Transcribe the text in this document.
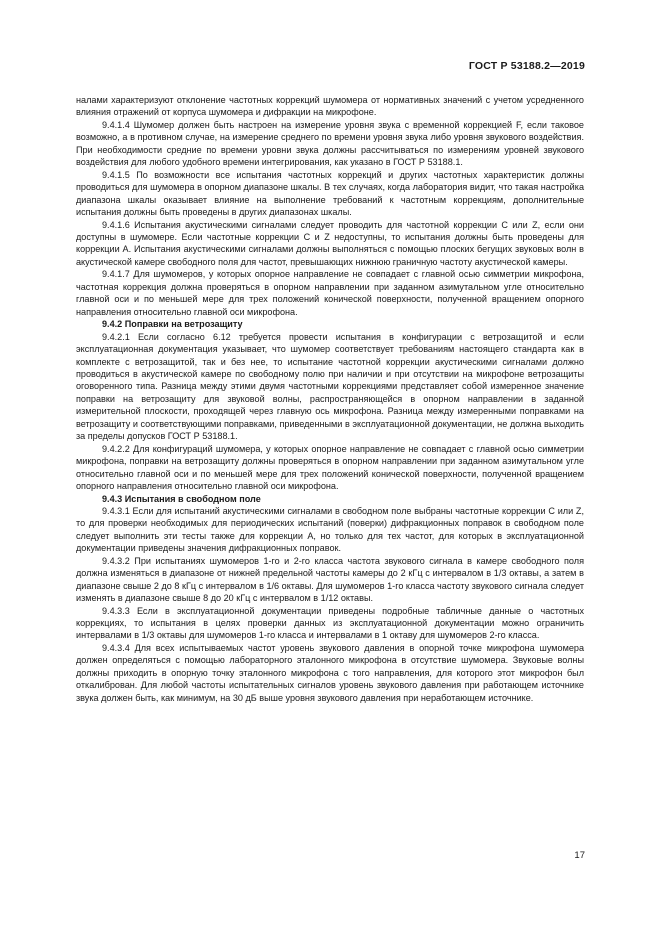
ГОСТ Р 53188.2—2019

налами характеризуют отклонение частотных коррекций шумомера от нормативных значений с учетом усредненного влияния отражений от корпуса шумомера и дифракции на микрофоне.

9.4.1.4 Шумомер должен быть настроен на измерение уровня звука с временной коррекцией F, если таковое возможно, а в противном случае, на измерение среднего по времени уровня звука либо уровня звукового воздействия. При необходимости средние по времени уровни звука должны рассчитываться по измерениям уровней звукового воздействия для любого удобного времени интегрирования, как указано в ГОСТ Р 53188.1.

9.4.1.5 По возможности все испытания частотных коррекций и других частотных характеристик должны проводиться для шумомера в опорном диапазоне шкалы. В тех случаях, когда лаборатория видит, что такая настройка диапазона шкалы оказывает влияние на выполнение требований к частотным коррекциям, дополнительные испытания должны быть проведены в других диапазонах шкалы.

9.4.1.6 Испытания акустическими сигналами следует проводить для частотной коррекции С или Z, если они доступны в шумомере. Если частотные коррекции С и Z недоступны, то испытания должны быть проведены для коррекции А. Испытания акустическими сигналами должны выполняться с помощью плоских бегущих звуковых волн в акустической камере свободного поля для частот, превышающих нижнюю граничную частоту акустической камеры.

9.4.1.7 Для шумомеров, у которых опорное направление не совпадает с главной осью симметрии микрофона, частотная коррекция должна проверяться в опорном направлении при заданном азимутальном угле относительно главной оси и по меньшей мере для трех положений конической поверхности, полученной вращением опорного направления относительно главной оси микрофона.

9.4.2 Поправки на ветрозащиту

9.4.2.1 Если согласно 6.12 требуется провести испытания в конфигурации с ветрозащитой и если эксплуатационная документация указывает, что шумомер соответствует требованиям настоящего стандарта как в комплекте с ветрозащитой, так и без нее, то испытание частотной коррекции акустическими сигналами должно проводиться в акустической камере по свободному полю при наличии и при отсутствии на микрофоне ветрозащиты оговоренного типа. Разница между этими двумя частотными коррекциями представляет собой измеренное значение поправки на ветрозащиту для звуковой волны, распространяющейся в опорном направлении в заданной измерительной плоскости, проходящей через главную ось микрофона. Разница между измеренными поправками на ветрозащиту и соответствующими поправками, приведенными в эксплуатационной документации, не должна выходить за пределы допусков ГОСТ Р 53188.1.

9.4.2.2 Для конфигураций шумомера, у которых опорное направление не совпадает с главной осью симметрии микрофона, поправки на ветрозащиту должны проверяться в опорном направлении при заданном азимутальном угле относительно главной оси и по меньшей мере для трех положений конической поверхности, полученной вращением опорного направления относительно главной оси микрофона.

9.4.3 Испытания в свободном поле

9.4.3.1 Если для испытаний акустическими сигналами в свободном поле выбраны частотные коррекции С или Z, то для проверки необходимых для периодических испытаний (поверки) дифракционных поправок в свободном поле следует выполнить эти тесты также для коррекции А, но только для тех частот, для которых в эксплуатационной документации приведены значения дифракционных поправок.

9.4.3.2 При испытаниях шумомеров 1-го и 2-го класса частота звукового сигнала в камере свободного поля должна изменяться в диапазоне от нижней предельной частоты камеры до 2 кГц с интервалом в 1/3 октавы, а затем в диапазоне свыше 2 до 8 кГц с интервалом в 1/6 октавы. Для шумомеров 1-го класса частоту звукового сигнала следует изменять в диапазоне свыше 8 до 20 кГц с интервалом в 1/12 октавы.

9.4.3.3 Если в эксплуатационной документации приведены подробные табличные данные о частотных коррекциях, то испытания в целях проверки данных из эксплуатационной документации можно ограничить интервалами в 1/3 октавы для шумомеров 1-го класса и интервалами в 1 октаву для шумомеров 2-го класса.

9.4.3.4 Для всех испытываемых частот уровень звукового давления в опорной точке микрофона шумомера должен определяться с помощью лабораторного эталонного микрофона в отсутствие шумомера. Звуковые волны должны приходить в опорную точку эталонного микрофона с того направления, для которого этот микрофон был откалиброван. Для любой частоты испытательных сигналов уровень звукового давления при работающем источнике звука должен быть, как минимум, на 30 дБ выше уровня звукового давления при неработающем источнике.

17
